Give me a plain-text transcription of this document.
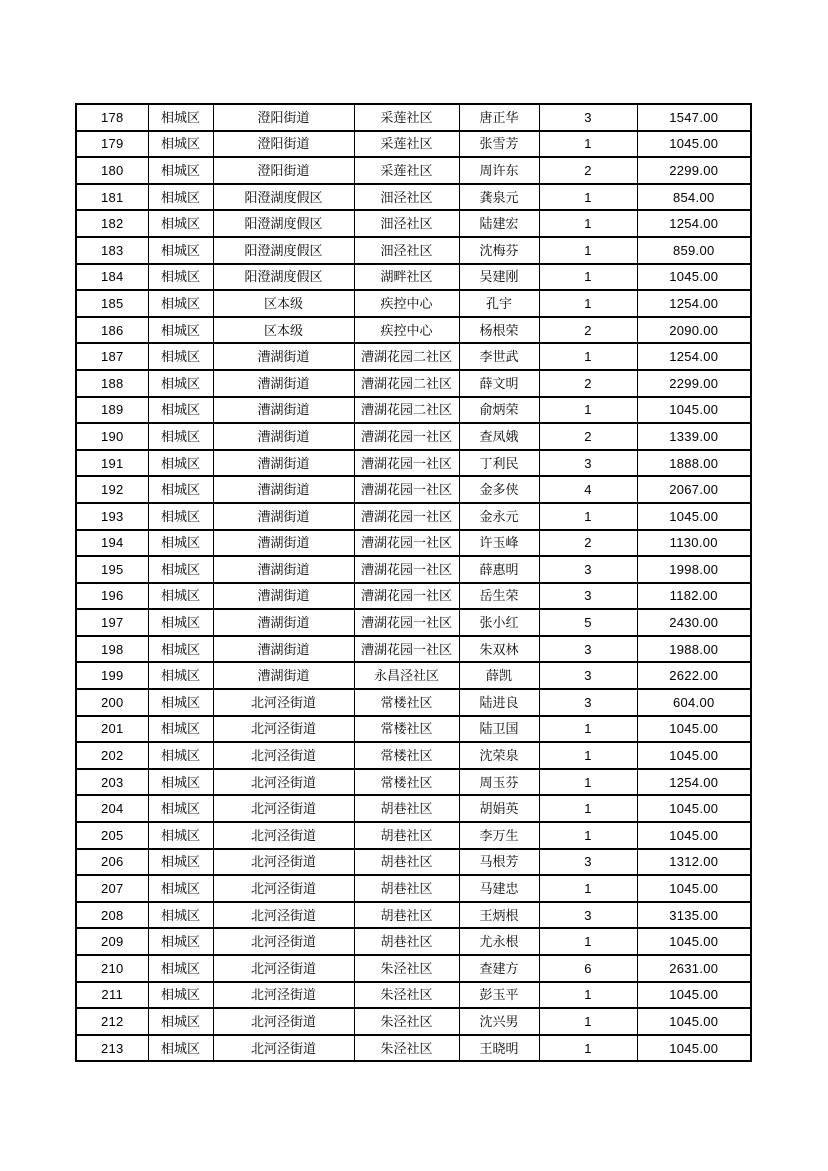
178	相城区	澄阳街道	采莲社区	唐正华	3	1547.00
179	相城区	澄阳街道	采莲社区	张雪芳	1	1045.00
180	相城区	澄阳街道	采莲社区	周许东	2	2299.00
181	相城区	阳澄湖度假区	沺泾社区	龚泉元	1	854.00
182	相城区	阳澄湖度假区	沺泾社区	陆建宏	1	1254.00
183	相城区	阳澄湖度假区	沺泾社区	沈梅芬	1	859.00
184	相城区	阳澄湖度假区	湖畔社区	吴建刚	1	1045.00
185	相城区	区本级	疾控中心	孔宇	1	1254.00
186	相城区	区本级	疾控中心	杨根荣	2	2090.00
187	相城区	漕湖街道	漕湖花园二社区	李世武	1	1254.00
188	相城区	漕湖街道	漕湖花园二社区	薛文明	2	2299.00
189	相城区	漕湖街道	漕湖花园二社区	俞炳荣	1	1045.00
190	相城区	漕湖街道	漕湖花园一社区	查凤娥	2	1339.00
191	相城区	漕湖街道	漕湖花园一社区	丁利民	3	1888.00
192	相城区	漕湖街道	漕湖花园一社区	金多侠	4	2067.00
193	相城区	漕湖街道	漕湖花园一社区	金永元	1	1045.00
194	相城区	漕湖街道	漕湖花园一社区	许玉峰	2	1130.00
195	相城区	漕湖街道	漕湖花园一社区	薛惠明	3	1998.00
196	相城区	漕湖街道	漕湖花园一社区	岳生荣	3	1182.00
197	相城区	漕湖街道	漕湖花园一社区	张小红	5	2430.00
198	相城区	漕湖街道	漕湖花园一社区	朱双林	3	1988.00
199	相城区	漕湖街道	永昌泾社区	薛凯	3	2622.00
200	相城区	北河泾街道	常楼社区	陆进良	3	604.00
201	相城区	北河泾街道	常楼社区	陆卫国	1	1045.00
202	相城区	北河泾街道	常楼社区	沈荣泉	1	1045.00
203	相城区	北河泾街道	常楼社区	周玉芬	1	1254.00
204	相城区	北河泾街道	胡巷社区	胡娟英	1	1045.00
205	相城区	北河泾街道	胡巷社区	李万生	1	1045.00
206	相城区	北河泾街道	胡巷社区	马根芳	3	1312.00
207	相城区	北河泾街道	胡巷社区	马建忠	1	1045.00
208	相城区	北河泾街道	胡巷社区	王炳根	3	3135.00
209	相城区	北河泾街道	胡巷社区	尤永根	1	1045.00
210	相城区	北河泾街道	朱泾社区	查建方	6	2631.00
211	相城区	北河泾街道	朱泾社区	彭玉平	1	1045.00
212	相城区	北河泾街道	朱泾社区	沈兴男	1	1045.00
213	相城区	北河泾街道	朱泾社区	王晓明	1	1045.00
